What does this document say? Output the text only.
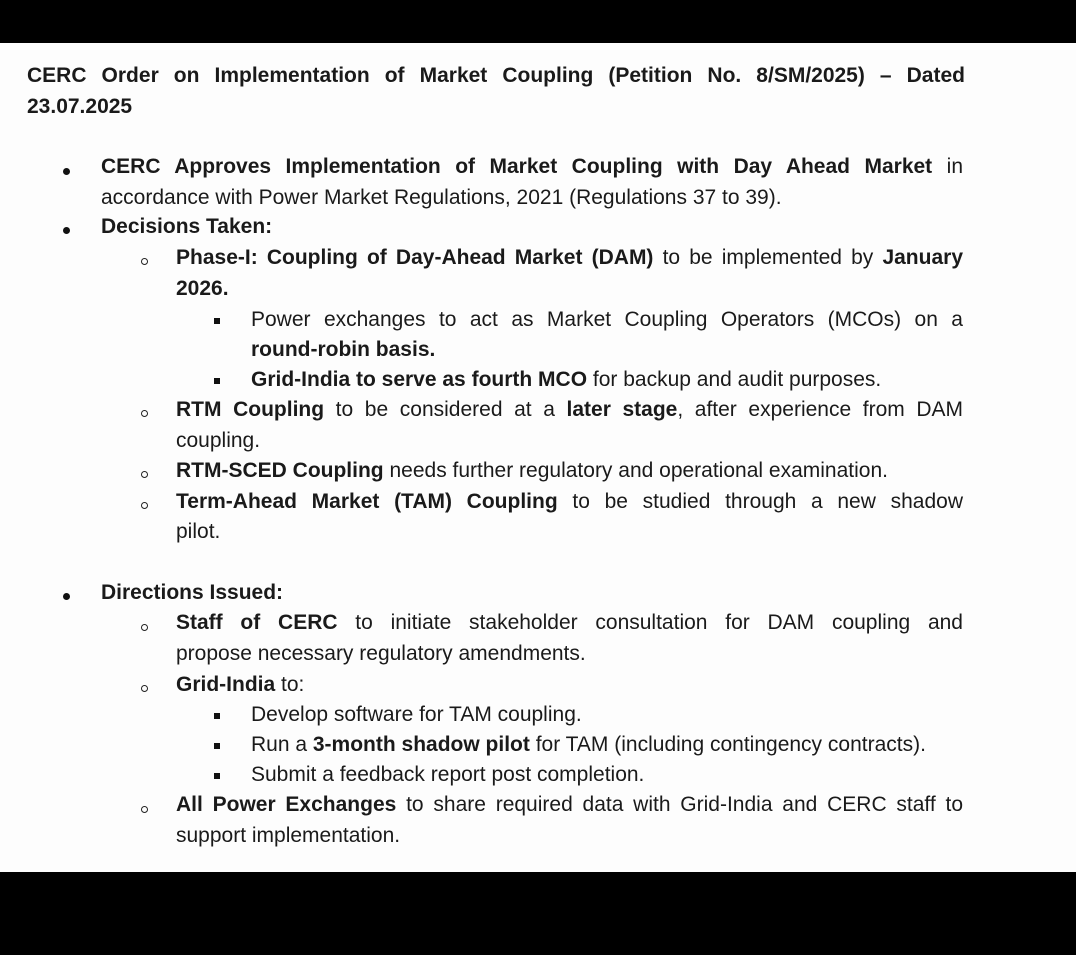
CERC Order on Implementation of Market Coupling (Petition No. 8/SM/2025) – Dated 23.07.2025
CERC Approves Implementation of Market Coupling with Day Ahead Market in
accordance with Power Market Regulations, 2021 (Regulations 37 to 39).
Decisions Taken:
Phase-I: Coupling of Day-Ahead Market (DAM) to be implemented by January
2026.
Power exchanges to act as Market Coupling Operators (MCOs) on a
round-robin basis.
Grid-India to serve as fourth MCO for backup and audit purposes.
RTM Coupling to be considered at a later stage, after experience from DAM
coupling.
RTM-SCED Coupling needs further regulatory and operational examination.
Term-Ahead Market (TAM) Coupling to be studied through a new shadow
pilot.
Directions Issued:
Staff of CERC to initiate stakeholder consultation for DAM coupling and
propose necessary regulatory amendments.
Grid-India to:
Develop software for TAM coupling.
Run a 3-month shadow pilot for TAM (including contingency contracts).
Submit a feedback report post completion.
All Power Exchanges to share required data with Grid-India and CERC staff to
support implementation.
